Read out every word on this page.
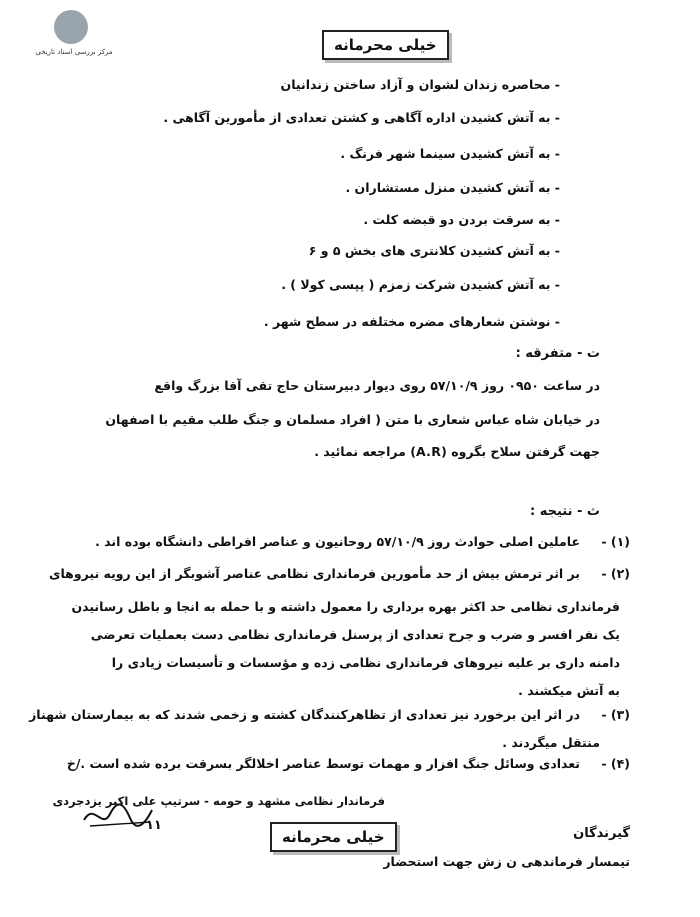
مرکز بررسی اسناد تاریخی	خیلی محرمانه
- محاصره زندان لشوان و آزاد ساختن زندانیان
- به آتش کشیدن اداره آگاهی و کشتن تعدادی از مأمورین آگاهی .
- به آتش کشیدن سینما شهر فرنگ .
- به آتش کشیدن منزل مستشاران .
- به سرقت بردن دو قبضه کلت .
- به آتش کشیدن کلانتری های بخش ۵ و ۶
- به آتش کشیدن شرکت زمزم ( پپسی کولا ) .
- نوشتن شعارهای مضره مختلفه در سطح شهر .
ت - متفرقه :
در ساعت ۰۹۵۰ روز ۵۷/۱۰/۹ روی دیوار دبیرستان حاج تقی آقا بزرگ واقع
در خیابان شاه عباس شعاری با متن ( افراد مسلمان و جنگ طلب مقیم با اصفهان
جهت گرفتن سلاح بگروه (A.R) مراجعه نمائید .
ث - نتیجه :
(۱) -
عاملین اصلی حوادث روز ۵۷/۱۰/۹ روحانیون و عناصر افراطی دانشگاه بوده اند .
(۲) -
بر اثر ترمش بیش از حد مأمورین فرمانداری نظامی عناصر آشوبگر از این رویه نیروهای
فرمانداری نظامی حد اکثر بهره برداری را معمول داشته و با حمله به انجا و باطل رسانیدن
یک نفر افسر و ضرب و جرح تعدادی از پرسنل فرمانداری نظامی دست بعملیات تعرضی
دامنه داری بر علیه نیروهای فرمانداری نظامی زده و مؤسسات و تأسیسات زیادی را
به آتش میکشند .
(۳) -
در اثر این برخورد نیز تعدادی از تظاهرکنندگان کشته و زخمی شدند که به بیمارستان شهناز
منتقل میگردند .
(۴) -
تعدادی وسائل جنگ افزار و مهمات توسط عناصر اخلالگر بسرقت برده شده است ./خ
فرماندار نظامی مشهد و حومه - سرتیپ علی اکبر یزدجردی
۱۱
خیلی محرمانه	گیرندگان
تیمسار فرماندهی ن زش جهت استحضار
